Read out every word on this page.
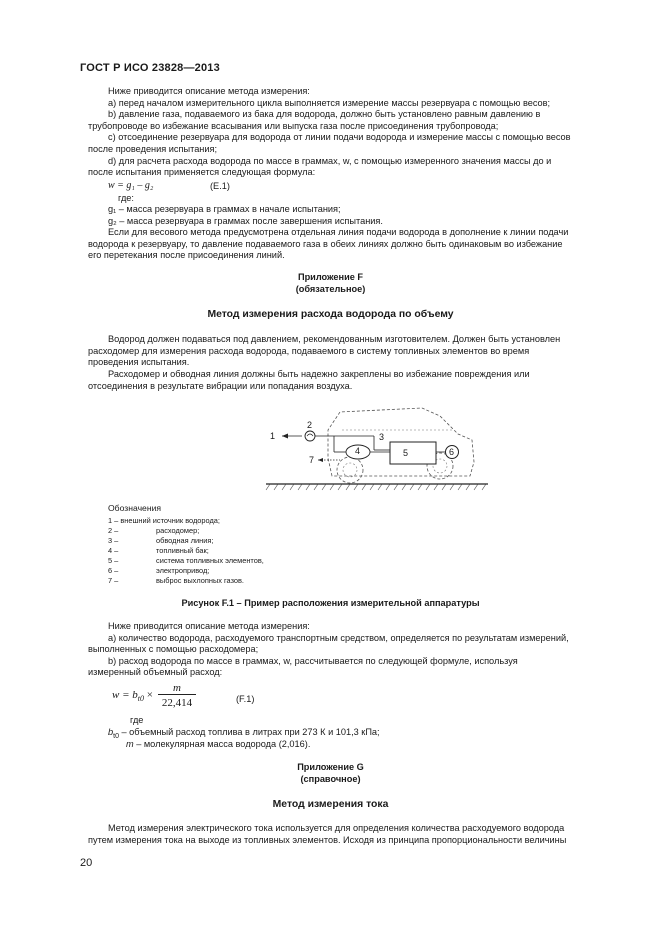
ГОСТ Р ИСО 23828—2013

Ниже приводится описание метода измерения:

а) перед началом измерительного цикла выполняется измерение массы резервуара с помощью весов;

b) давление газа, подаваемого из бака для водорода, должно быть установлено равным давлению в

трубопроводе во избежание всасывания или выпуска газа после присоединения трубопровода;

с) отсоединение резервуара для водорода от линии подачи водорода и измерение массы с помощью весов

после проведения испытания;

d) для расчета расхода водорода по массе в граммах, w, с помощью измеренного значения массы до и

после испытания применяется следующая формула:

w = g₁ – g₂	(E.1)
где:

g₁ – масса резервуара в граммах в начале испытания;

g₂ – масса резервуара в граммах после завершения испытания.

Если для весового метода предусмотрена отдельная линия подачи водорода в дополнение к линии подачи

водорода к резервуару, то давление подаваемого газа в обеих линиях должно быть одинаковым во избежание

его перетекания после присоединения линий.

Приложение F
(обязательное)
Метод измерения расхода водорода по объему

Водород должен подаваться под давлением, рекомендованным изготовителем. Должен быть установлен

расходомер для измерения расхода водорода, подаваемого в систему топливных элементов во время

проведения испытания.

Расходомер и обводная линия должны быть надежно закреплены во избежание повреждения или

отсоединения в результате вибрации или попадания воздуха.

1
2
3
4	5	6
7
Обозначения
1 – внешний источник водорода;
2 –	расходомер;
3 –	обводная линия;
4 –	топливный бак;
5 –	система топливных элементов,
6 –	электропривод;
7 –	выброс выхлопных газов.
Рисунок F.1 – Пример расположения измерительной аппаратуры

Ниже приводится описание метода измерения:

а) количество водорода, расходуемого транспортным средством, определяется по результатам измерений,

выполненных с помощью расходомера;

b) расход водорода по массе в граммах, w, рассчитывается по следующей формуле, используя

измеренный объемный расход:

$w = b_{t0}$ ×
m
22,414	(F.1)
где
$b_{t0}$ – объемный расход топлива в литрах при 273 К и 101,3 кПа;
m – молекулярная масса водорода (2,016).
Приложение G
(справочное)
Метод измерения тока

Метод измерения электрического тока используется для определения количества расходуемого водорода

путем измерения тока на выходе из топливных элементов. Исходя из принципа пропорциональности величины

20
